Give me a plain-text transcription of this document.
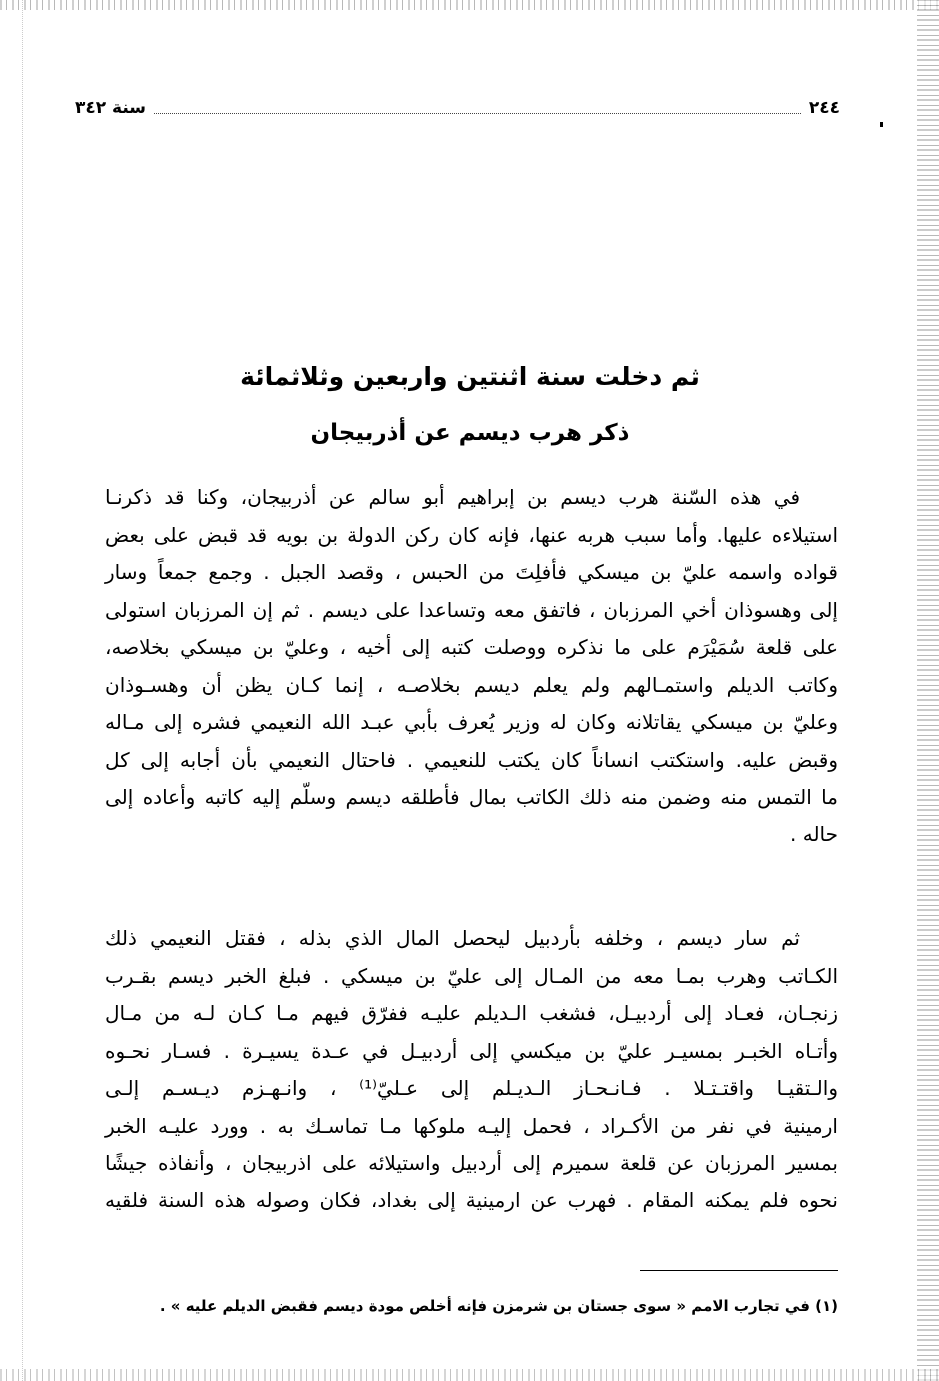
٢٤٤
سنة ٣٤٢
ثم دخلت سنة اثنتين واربعين وثلاثمائة
ذكر هرب ديسم عن أذربيجان
في هذه السّنة هرب ديسم بن إبراهيم أبو سالم عن أذربيجان، وكنا قد ذكرنـا
استيلاءه عليها. وأما سبب هربه عنها، فإنه كان ركن الدولة بن بويه قد قبض على بعض
قواده واسمه عليّ بن ميسكي فأفلِتَ من الحبس ، وقصد الجبل . وجمع جمعاً وسار
إلى وهسوذان أخي المرزبان ، فاتفق معه وتساعدا على ديسم . ثم إن المرزبان استولى
على قلعة سُمَيْرَم على ما نذكره ووصلت كتبه إلى أخيه ، وعليّ بن ميسكي بخلاصه،
وكاتب الديلم واستمـالهم ولم يعلم ديسم بخلاصـه ، إنما كـان يظن أن وهسـوذان
وعليّ بن ميسكي يقاتلانه وكان له وزير يُعرف بأبي عبـد الله النعيمي فشره إلى مـاله
وقبض عليه. واستكتب انساناً كان يكتب للنعيمي . فاحتال النعيمي بأن أجابه إلى كل
ما التمس منه وضمن منه ذلك الكاتب بمال فأطلقه ديسم وسلّم إليه كاتبه وأعاده إلى
حاله .
ثم سار ديسم ، وخلفه بأردبيل ليحصل المال الذي بذله ، فقتل النعيمي ذلك
الكـاتب وهرب بمـا معه من المـال إلى عليّ بن ميسكي . فبلغ الخبر ديسم بقـرب
زنجـان، فعـاد إلى أردبيـل، فشغب الـديلم عليـه ففرّق فيهم مـا كـان لـه من مـال
وأتـاه الخبـر بمسيـر عليّ بن ميكسي إلى أردبيـل في عـدة يسيـرة . فسـار نحـوه
والـتقيـا واقتـتـلا . فـانـحـاز الـديـلم إلى عـليّ⁽¹⁾ ، وانـهـزم ديـسـم إلـى
ارمينية في نفر من الأكـراد ، فحمل إليـه ملوكها مـا تماسـك به . وورد عليـه الخبر
بمسير المرزبان عن قلعة سميرم إلى أردبيل واستيلائه على اذربيجان ، وأنفاذه جيشًا
نحوه فلم يمكنه المقام . فهرب عن ارمينية إلى بغداد، فكان وصوله هذه السنة فلقيه
(١) في تجارب الامم « سوى جستان بن شرمزن فإنه أخلص مودة ديسم فقبض الديلم عليه » .
